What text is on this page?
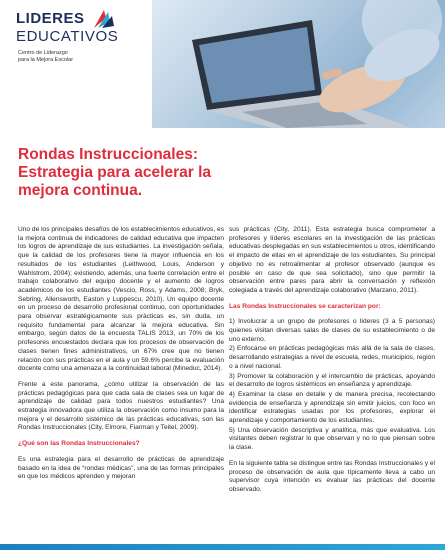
LIDERES
EDUCATIVOS
Centro de Liderazgo
para la Mejora Escolar
Rondas Instruccionales:
Estrategia para acelerar la
mejora continua.

Uno de los principales desafíos de los establecimientos educativos, es la mejora continua de indicadores de calidad educativa que impacten los logros de aprendizaje de sus estudiantes. La investigación señala, que la calidad de los profesores tiene la mayor influencia en los resultados de los estudiantes (Leithwood, Louis, Anderson y Wahlstrom, 2004); existiendo, además, una fuerte correlación entre el trabajo colaborativo del equipo docente y el aumento de logros académicos de los estudiantes (Vescio, Ross, y Adams, 2008; Bryk, Sebring, Allensworth, Easton y Luppescu, 2010). Un equipo docente en un proceso de desarrollo profesional continuo, con oportunidades para observar estratégicamente sus prácticas es, sin duda, un requisito fundamental para alcanzar la mejora educativa. Sin embargo, según datos de la encuesta TALIS 2013, un 70% de los profesores encuestados declara que los procesos de observación de clases tienen fines administrativos, un 67% cree que no tienen relación con sus prácticas en el aula y un 59.6% percibe la evaluación docente como una amenaza a la continuidad laboral (Mineduc, 2014).

Frente a este panorama, ¿cómo utilizar la observación de las prácticas pedagógicas para que cada sala de clases sea un lugar de aprendizaje de calidad para todos nuestros estudiantes? Una estrategia innovadora que utiliza la observación como insumo para la mejora y el desarrollo sistémico de las prácticas educativas, son las Rondas Instruccionales (City, Elmore, Fiarman y Teitel, 2009).

¿Qué son las Rondas Instruccionales?

Es una estrategia para el desarrollo de prácticas de aprendizaje basado en la idea de “rondas médicas”, una de las formas principales en que los médicos aprenden y mejoran

sus prácticas (City, 2011). Esta estrategia busca comprometer a profesores y líderes escolares en la investigación de las prácticas educativas desplegadas en sus establecimientos u otros, identificando el impacto de ellas en el aprendizaje de los estudiantes. Su principal objetivo no es retroalimentar al profesor observado (aunque es posible en caso de que sea solicitado), sino que permitir la observación entre pares para abrir la conversación y reflexión colegiada a través del aprendizaje colaborativo (Marzano, 2011).

Las Rondas Instruccionales se caracterizan por:

1) Involucrar a un grupo de profesores o líderes (3 a 5 personas) quienes visitan diversas salas de clases de su establecimiento o de uno externo.

2) Enfocarse en prácticas pedagógicas más allá de la sala de clases, desarrollando estrategias a nivel de escuela, redes, municipios, región o a nivel nacional.

3) Promover la colaboración y el intercambio de prácticas, apoyando el desarrollo de logros sistémicos en enseñanza y aprendizaje.

4) Examinar la clase en detalle y de manera precisa, recolectando evidencia de enseñanza y aprendizaje sin emitir juicios, con foco en identificar estrategias usadas por los profesores, explorar el aprendizaje y comportamiento de los estudiantes.

5) Una observación descriptiva y analítica, más que evaluativa. Los visitantes deben registrar lo que observan y no lo que piensan sobre la clase.

En la siguiente tabla se distingue entre las Rondas Instruccionales y el proceso de observación de aula que típicamente lleva a cabo un supervisor cuya intención es evaluar las prácticas del docente observado.
